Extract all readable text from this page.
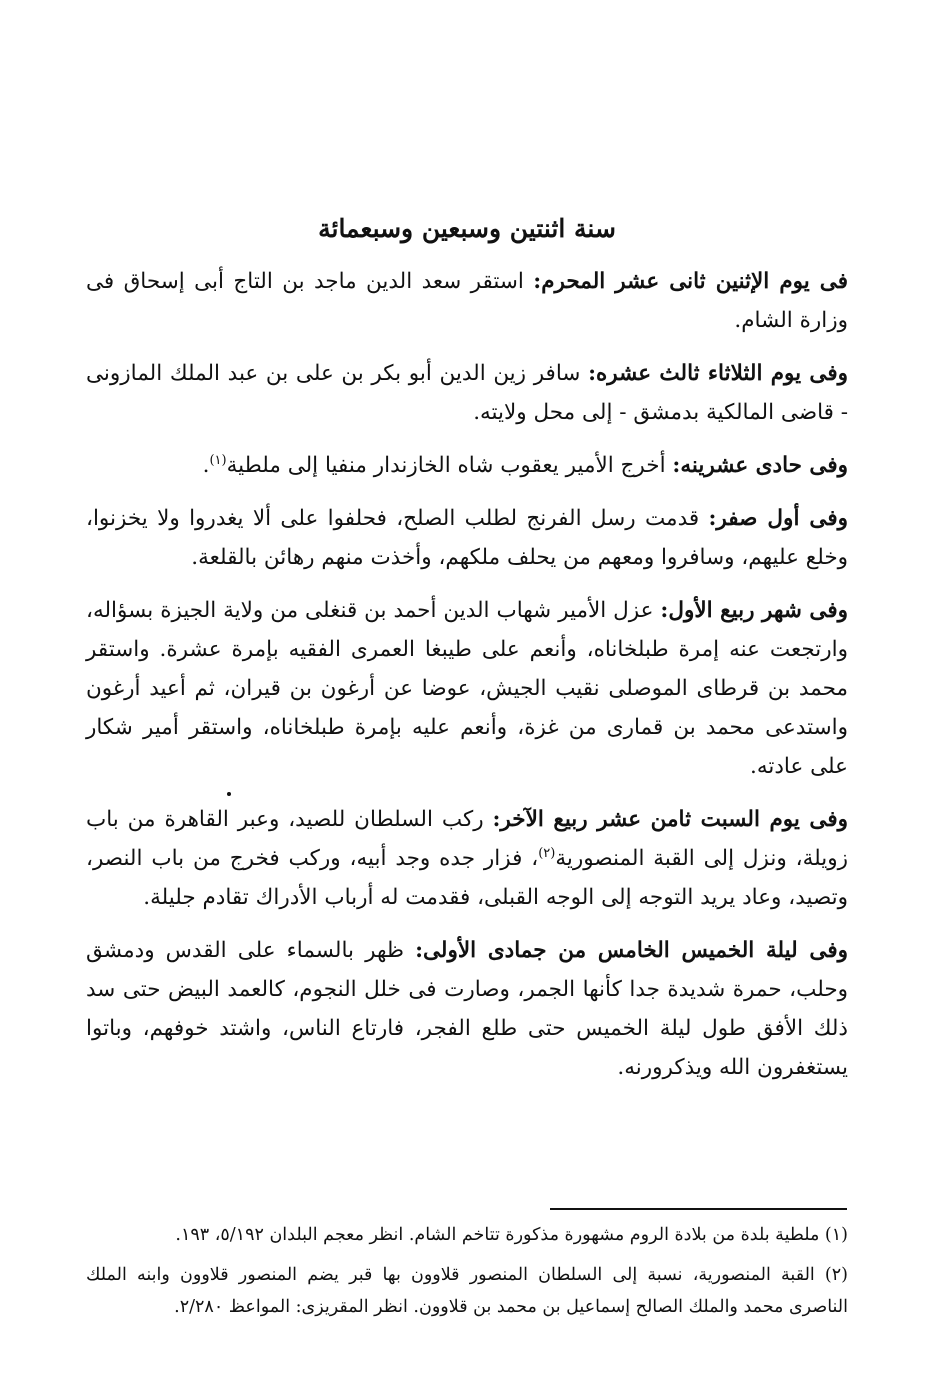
سنة اثنتين وسبعين وسبعمائة

فى يوم الإثنين ثانى عشر المحرم: استقر سعد الدين ماجد بن التاج أبى إسحاق فى وزارة الشام.

وفى يوم الثلاثاء ثالث عشره: سافر زين الدين أبو بكر بن على بن عبد الملك المازونى - قاضى المالكية بدمشق - إلى محل ولايته.

وفى حادى عشرينه: أخرج الأمير يعقوب شاه الخازندار منفيا إلى ملطية$^{(١)}$.

وفى أول صفر: قدمت رسل الفرنج لطلب الصلح، فحلفوا على ألا يغدروا ولا يخزنوا، وخلع عليهم، وسافروا ومعهم من يحلف ملكهم، وأخذت منهم رهائن بالقلعة.

وفى شهر ربيع الأول: عزل الأمير شهاب الدين أحمد بن قنغلى من ولاية الجيزة بسؤاله، وارتجعت عنه إمرة طبلخاناه، وأنعم على طيبغا العمرى الفقيه بإمرة عشرة. واستقر محمد بن قرطاى الموصلى نقيب الجيش، عوضا عن أرغون بن قيران، ثم أعيد أرغون واستدعى محمد بن قمارى من غزة، وأنعم عليه بإمرة طبلخاناه، واستقر أمير شكار على عادته.

وفى يوم السبت ثامن عشر ربيع الآخر: ركب السلطان للصيد، وعبر القاهرة من باب زويلة، ونزل إلى القبة المنصورية$^{(٢)}$، فزار جده وجد أبيه، وركب فخرج من باب النصر، وتصيد، وعاد يريد التوجه إلى الوجه القبلى، فقدمت له أرباب الأدراك تقادم جليلة.

وفى ليلة الخميس الخامس من جمادى الأولى: ظهر بالسماء على القدس ودمشق وحلب، حمرة شديدة جدا كأنها الجمر، وصارت فى خلل النجوم، كالعمد البيض حتى سد ذلك الأفق طول ليلة الخميس حتى طلع الفجر، فارتاع الناس، واشتد خوفهم، وباتوا يستغفرون الله ويذكرورنه.

(١) ملطية بلدة من بلادة الروم مشهورة مذكورة تتاخم الشام. انظر معجم البلدان ٥/١٩٢، ١٩٣.

(٢) القبة المنصورية، نسبة إلى السلطان المنصور قلاوون بها قبر يضم المنصور قلاوون وابنه الملك الناصرى محمد والملك الصالح إسماعيل بن محمد بن قلاوون. انظر المقريزى: المواعظ ٢/٢٨٠.
